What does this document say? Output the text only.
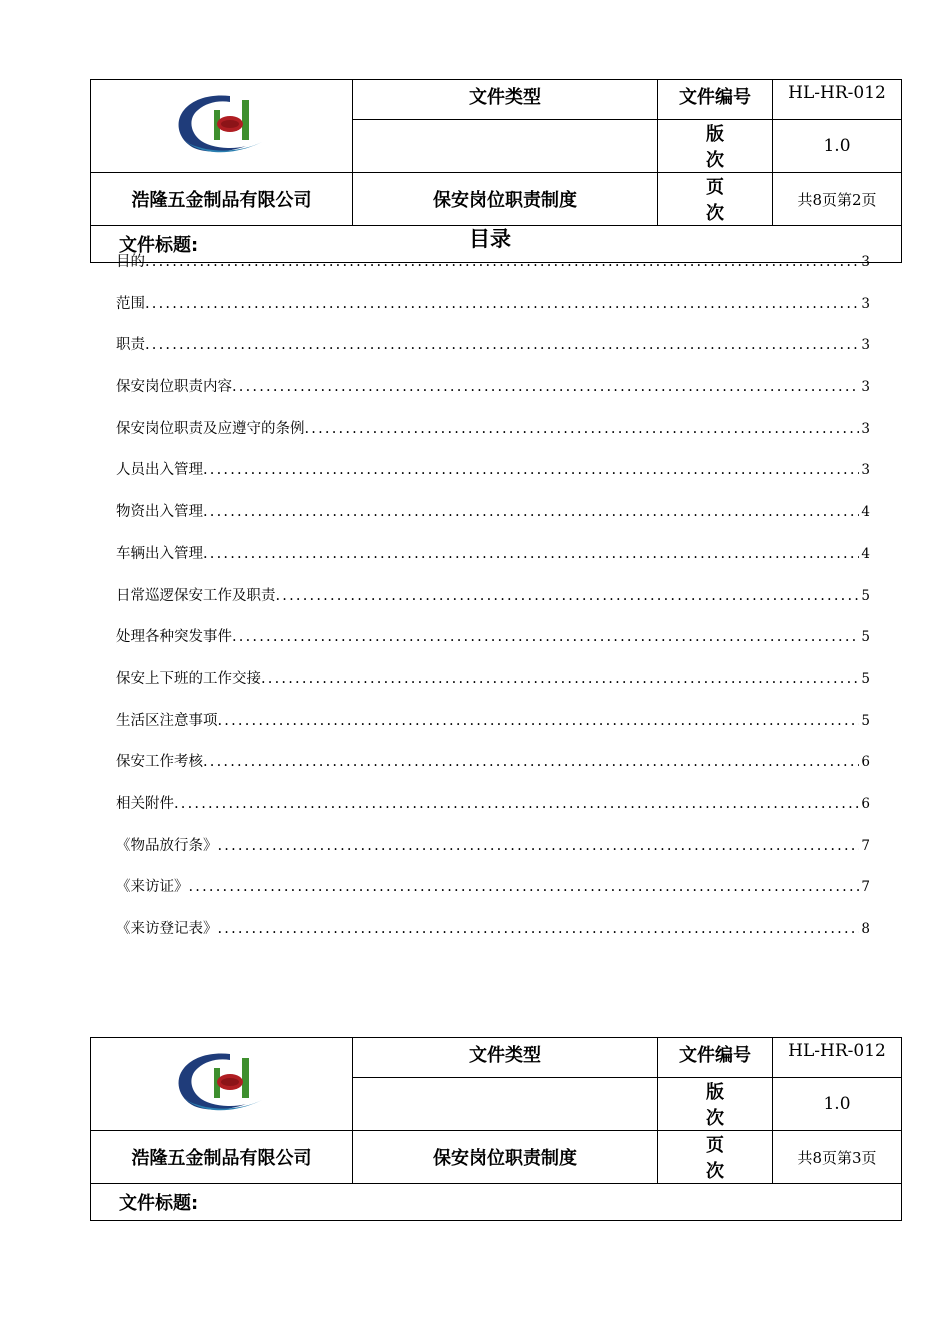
	文件类型	文件编号	HL-HR-012
		版 次	1.0
浩隆五金制品有限公司	保安岗位职责制度	页 次	共8页第2页
文件标题:				目录
目的 .....	3
范围 .....	3
职责 .....	3
保安岗位职责内容 .....	3
保安岗位职责及应遵守的条例 .....	3
人员出入管理 .....	3
物资出入管理 .....	4
车辆出入管理 .....	4
日常巡逻保安工作及职责 .....	5
处理各种突发事件 .....	5
保安上下班的工作交接 .....	5
生活区注意事项 .....	5
保安工作考核 .....	6
相关附件 .....	6
《物品放行条》 .....	7
《来访证》 .....	7
《来访登记表》 .....	8
	文件类型	文件编号	HL-HR-012
		版 次	1.0
浩隆五金制品有限公司	保安岗位职责制度	页 次	共8页第3页
文件标题:			
